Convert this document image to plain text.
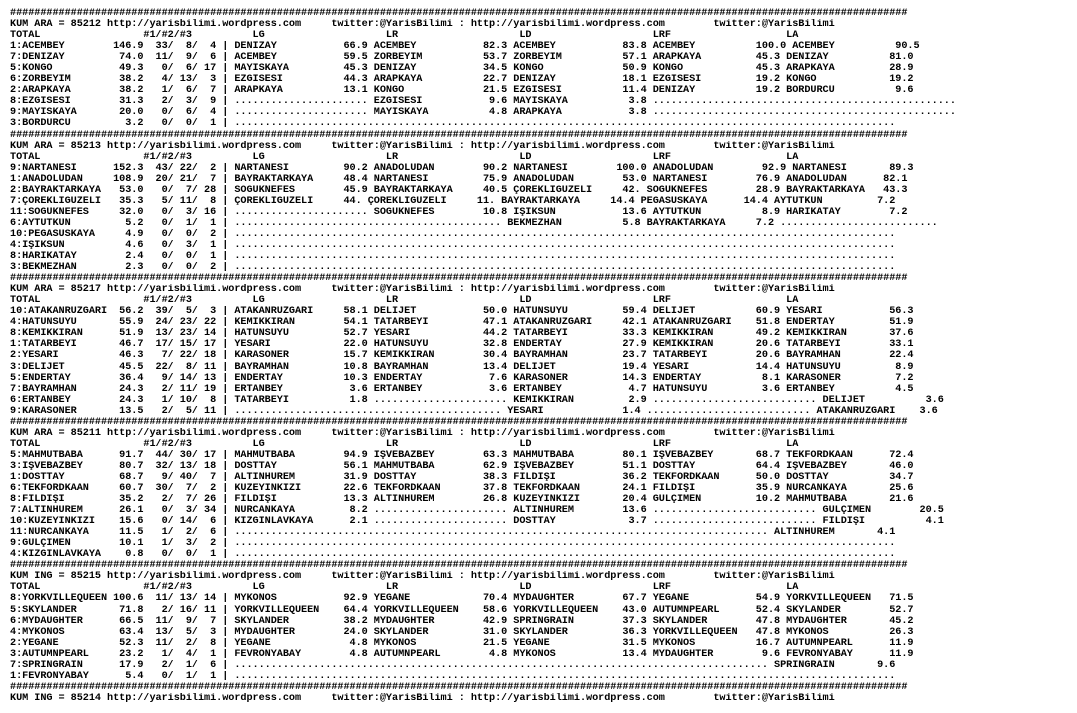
####################################################################################################################################################
KUM ARA = 85212 http://yarisbilimi.wordpress.com     twitter:@YarisBilimi : http://yarisbilimi.wordpress.com        twitter:@YarisBilimi
TOTAL                 #1/#2/#3          LG                    LR                    LD                    LRF                   LA
1:ACEMBEY        146.9  33/  8/  4 | DENİZAY           66.9 ACEMBEY           82.3 ACEMBEY           83.8 ACEMBEY          100.0 ACEMBEY          90.5
7:DENİZAY         74.0  11/  9/  6 | ACEMBEY           59.5 ZORBEYİM          53.7 ZORBEYİM          57.1 ARAPKAYA         45.3 DENİZAY          81.0
5:KONGO           49.3   0/  6/ 17 | MAYISKAYA         45.3 DENİZAY           34.5 KONGO             50.9 KONGO            45.3 ARAPKAYA         28.9
6:ZORBEYİM        38.2   4/ 13/  3 | EZGİSESİ          44.3 ARAPKAYA          22.7 DENİZAY           18.1 EZGİSESİ         19.2 KONGO            19.2
2:ARAPKAYA        38.2   1/  6/  7 | ARAPKAYA          13.1 KONGO             21.5 EZGİSESİ          11.4 DENİZAY          19.2 BORDÜRCÜ          9.6
8:EZGİSESİ        31.3   2/  3/  9 | ...................... EZGİSESİ           9.6 MAYISKAYA          3.8 ..................................................
9:MAYISKAYA       20.0   0/  6/  4 | ...................... MAYISKAYA          4.8 ARAPKAYA           3.8 ..................................................
3:BORDÜRCÜ         3.2   0/  0/  1 | .............................................................................................................
####################################################################################################################################################
KUM ARA = 85213 http://yarisbilimi.wordpress.com     twitter:@YarisBilimi : http://yarisbilimi.wordpress.com        twitter:@YarisBilimi
TOTAL                 #1/#2/#3          LG                    LR                    LD                    LRF                   LA
9:NARTANESİ      152.3  43/ 22/  2 | NARTANESİ         90.2 ANADOLUDAN        90.2 NARTANESİ        100.0 ANADOLUDAN        92.9 NARTANESİ       89.3
1:ANADOLUDAN     108.9  20/ 21/  7 | BAYRAKTARKAYA     48.4 NARTANESİ         75.9 ANADOLUDAN        53.0 NARTANESİ        76.9 ANADOLUDAN      82.1
2:BAYRAKTARKAYA   53.0   0/  7/ 28 | SOĞUKNEFES        45.9 BAYRAKTARKAYA     40.5 ÇÖREKLİGÜZELİ     42. SOĞUKNEFES        28.9 BAYRAKTARKAYA   43.3
7:ÇÖREKLİGÜZELİ   35.3   5/ 11/  8 | ÇÖREKLİGÜZELİ     44. ÇÖREKLİGÜZELİ     11. BAYRAKTARKAYA     14.4 PEGASUSKAYA      14.4 AYTUTKUN         7.2
11:SOĞUKNEFES     32.0   0/  3/ 16 | ...................... SOĞUKNEFES        10.8 IŞIKSUN           13.6 AYTUTKUN          8.9 HARİKATAY        7.2
6:AYTUTKUN         5.2   0/  1/  1 | ............................................ BEKMEZHAN          5.8 BAYRAKTARKAYA     7.2 ..........................
10:PEGASUSKAYA     4.9   0/  0/  2 | .............................................................................................................
4:IŞIKSUN          4.6   0/  3/  1 | .............................................................................................................
8:HARİKATAY        2.4   0/  0/  1 | .............................................................................................................
3:BEKMEZHAN        2.3   0/  0/  2 | .............................................................................................................
####################################################################################################################################################
KUM ARA = 85217 http://yarisbilimi.wordpress.com     twitter:@YarisBilimi : http://yarisbilimi.wordpress.com        twitter:@YarisBilimi
TOTAL                 #1/#2/#3          LG                    LR                    LD                    LRF                   LA
10:ATAKANRÜZGARI  56.2  39/  5/  3 | ATAKANRÜZGARI     58.1 DELİJET           50.0 HATUNSUYU         59.4 DELİJET          60.9 YESARİ           56.3
4:HATUNSUYU       55.9  24/ 23/ 22 | KEMİKKIRAN        54.1 TATARBEYİ         47.1 ATAKANRÜZGARI     42.1 ATAKANRÜZGARI    51.8 ENDERTAY         51.9
8:KEMİKKIRAN      51.9  13/ 23/ 14 | HATUNSUYU         52.7 YESARİ            44.2 TATARBEYİ         33.3 KEMİKKIRAN       49.2 KEMİKKIRAN       37.6
1:TATARBEYİ       46.7  17/ 15/ 17 | YESARİ            22.0 HATUNSUYU         32.8 ENDERTAY          27.9 KEMİKKIRAN       20.6 TATARBEYİ        33.1
2:YESARİ          46.3   7/ 22/ 18 | KARASONER         15.7 KEMİKKIRAN        30.4 BAYRAMHAN         23.7 TATARBEYİ        20.6 BAYRAMHAN        22.4
3:DELİJET         45.5  22/  8/ 11 | BAYRAMHAN         10.8 BAYRAMHAN         13.4 DELİJET           19.4 YESARİ           14.4 HATUNSUYU         8.9
5:ENDERTAY        36.4   9/ 14/ 13 | ENDERTAY          10.3 ENDERTAY           7.6 KARASONER         14.3 ENDERTAY          8.1 KARASONER         7.2
7:BAYRAMHAN       24.3   2/ 11/ 19 | ERTANBEY           3.6 ERTANBEY           3.6 ERTANBEY           4.7 HATUNSUYU         3.6 ERTANBEY          4.5
6:ERTANBEY        24.3   1/ 10/  8 | TATARBEYİ          1.8 ...................... KEMİKKIRAN         2.9 ........................... DELİJET          3.6
9:KARASONER       13.5   2/  5/ 11 | ............................................ YESARİ             1.4 ........................... ATAKANRÜZGARI    3.6
####################################################################################################################################################
KUM ARA = 85211 http://yarisbilimi.wordpress.com     twitter:@YarisBilimi : http://yarisbilimi.wordpress.com        twitter:@YarisBilimi
TOTAL                 #1/#2/#3          LG                    LR                    LD                    LRF                   LA
5:MAHMUTBABA      91.7  44/ 30/ 17 | MAHMUTBABA        94.9 İŞVEBAZBEY        63.3 MAHMUTBABA        80.1 İŞVEBAZBEY       68.7 TEKFORDKAAN      72.4
3:İŞVEBAZBEY      80.7  32/ 13/ 18 | DOSTTAY           56.1 MAHMUTBABA        62.9 İŞVEBAZBEY        51.1 DOSTTAY          64.4 İŞVEBAZBEY       46.0
1:DOSTTAY         68.7   9/ 40/  7 | ALTINHÜREM        31.9 DOSTTAY           38.3 FİLDİŞİ           36.2 TEKFORDKAAN      50.0 DOSTTAY          34.7
6:TEKFORDKAAN     60.7  30/  7/  2 | KUZEYİNKIZI       22.6 TEKFORDKAAN       37.8 TEKFORDKAAN       24.1 FİLDİŞİ          35.9 NURCANKAYA       25.6
8:FİLDİŞİ         35.2   2/  7/ 26 | FİLDİŞİ           13.3 ALTINHÜREM        26.8 KUZEYİNKIZI       20.4 GÜLÇİMEN         10.2 MAHMUTBABA       21.6
7:ALTINHÜREM      26.1   0/  3/ 34 | NURCANKAYA         8.2 ...................... ALTINHÜREM        13.6 ........................... GÜLÇİMEN        20.5
10:KUZEYİNKIZI    15.6   0/ 14/  6 | KIZGINLAVKAYA      2.1 ...................... DOSTTAY            3.7 ........................... FİLDİŞİ          4.1
11:NURCANKAYA     11.5   1/  2/  6 | ........................................................................................ ALTINHÜREM       4.1
9:GÜLÇİMEN        10.1   1/  3/  2 | .............................................................................................................
4:KIZGINLAVKAYA    0.8   0/  0/  1 | .............................................................................................................
####################################################################################################################################################
KUM ING = 85215 http://yarisbilimi.wordpress.com     twitter:@YarisBilimi : http://yarisbilimi.wordpress.com        twitter:@YarisBilimi
TOTAL                 #1/#2/#3          LG                    LR                    LD                    LRF                   LA
8:YORKVILLEQUEEN 100.6  11/ 13/ 14 | MYKONOS           92.9 YEGANE            70.4 MYDAUGHTER        67.7 YEGANE           54.9 YORKVILLEQUEEN   71.5
5:SKYLANDER       71.8   2/ 16/ 11 | YORKVILLEQUEEN    64.4 YORKVILLEQUEEN    58.6 YORKVILLEQUEEN    43.0 AUTUMNPEARL      52.4 SKYLANDER        52.7
6:MYDAUGHTER      66.5  11/  9/  7 | SKYLANDER         38.2 MYDAUGHTER        42.9 SPRINGRAIN        37.3 SKYLANDER        47.8 MYDAUGHTER       45.2
4:MYKONOS         63.4  13/  5/  3 | MYDAUGHTER        24.0 SKYLANDER         31.0 SKYLANDER         36.3 YORKVILLEQUEEN   47.8 MYKONOS          26.3
2:YEGANE          52.3  11/  2/  8 | YEGANE             4.8 MYKONOS           21.5 YEGANE            31.5 MYKONOS          16.7 AUTUMNPEARL      11.9
3:AUTUMNPEARL     23.2   1/  4/  1 | FEVRONYABAY        4.8 AUTUMNPEARL        4.8 MYKONOS           13.4 MYDAUGHTER        9.6 FEVRONYABAY      11.9
7:SPRINGRAIN      17.9   2/  1/  6 | ........................................................................................ SPRINGRAIN       9.6
1:FEVRONYABAY      5.4   0/  1/  1 | .............................................................................................................
####################################################################################################################################################
KUM ING = 85214 http://yarisbilimi.wordpress.com     twitter:@YarisBilimi : http://yarisbilimi.wordpress.com        twitter:@YarisBilimi
